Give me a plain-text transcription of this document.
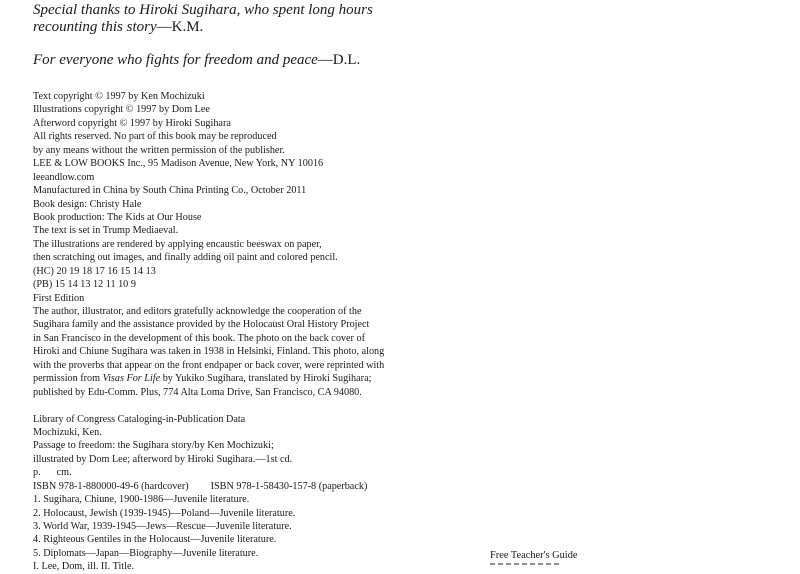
Special thanks to Hiroki Sugihara, who spent long hours
recounting this story—K.M.
For everyone who fights for freedom and peace—D.L.
Text copyright © 1997 by Ken Mochizuki
Illustrations copyright © 1997 by Dom Lee
Afterword copyright © 1997 by Hiroki Sugihara
All rights reserved. No part of this book may be reproduced
by any means without the written permission of the publisher.
LEE & LOW BOOKS Inc., 95 Madison Avenue, New York, NY 10016
leeandlow.com
Manufactured in China by South China Printing Co., October 2011
Book design: Christy Hale
Book production: The Kids at Our House
The text is set in Trump Mediaeval.
The illustrations are rendered by applying encaustic beeswax on paper,
then scratching out images, and finally adding oil paint and colored pencil.
(HC) 20 19 18 17 16 15 14 13
(PB) 15 14 13 12 11 10 9
First Edition
The author, illustrator, and editors gratefully acknowledge the cooperation of the
Sugihara family and the assistance provided by the Holocaust Oral History Project
in San Francisco in the development of this book. The photo on the back cover of
Hiroki and Chiune Sugihara was taken in 1938 in Helsinki, Finland. This photo, along
with the proverbs that appear on the front endpaper or back cover, were reprinted with
permission from Visas For Life by Yukiko Sugihara, translated by Hiroki Sugihara;
published by Edu-Comm. Plus, 774 Alta Loma Drive, San Francisco, CA 94080.
Library of Congress Cataloging-in-Publication Data
Mochizuki, Ken.
Passage to freedom: the Sugihara story/by Ken Mochizuki;
illustrated by Dom Lee; afterword by Hiroki Sugihara.—1st cd.
p. cm.
ISBN 978-1-880000-49-6 (hardcover) ISBN 978-1-58430-157-8 (paperback)
1. Sugihara, Chiune, 1900-1986—Juvenile literature.
2. Holocaust, Jewish (1939-1945)—Poland—Juvenile literature.
3. World War, 1939-1945—Jews—Rescue—Juvenile literature.
4. Righteous Gentiles in the Holocaust—Juvenile literature.
5. Diplomats—Japan—Biography—Juvenile literature.
I. Lee, Dom, ill. II. Title.
Free Teacher's Guide
